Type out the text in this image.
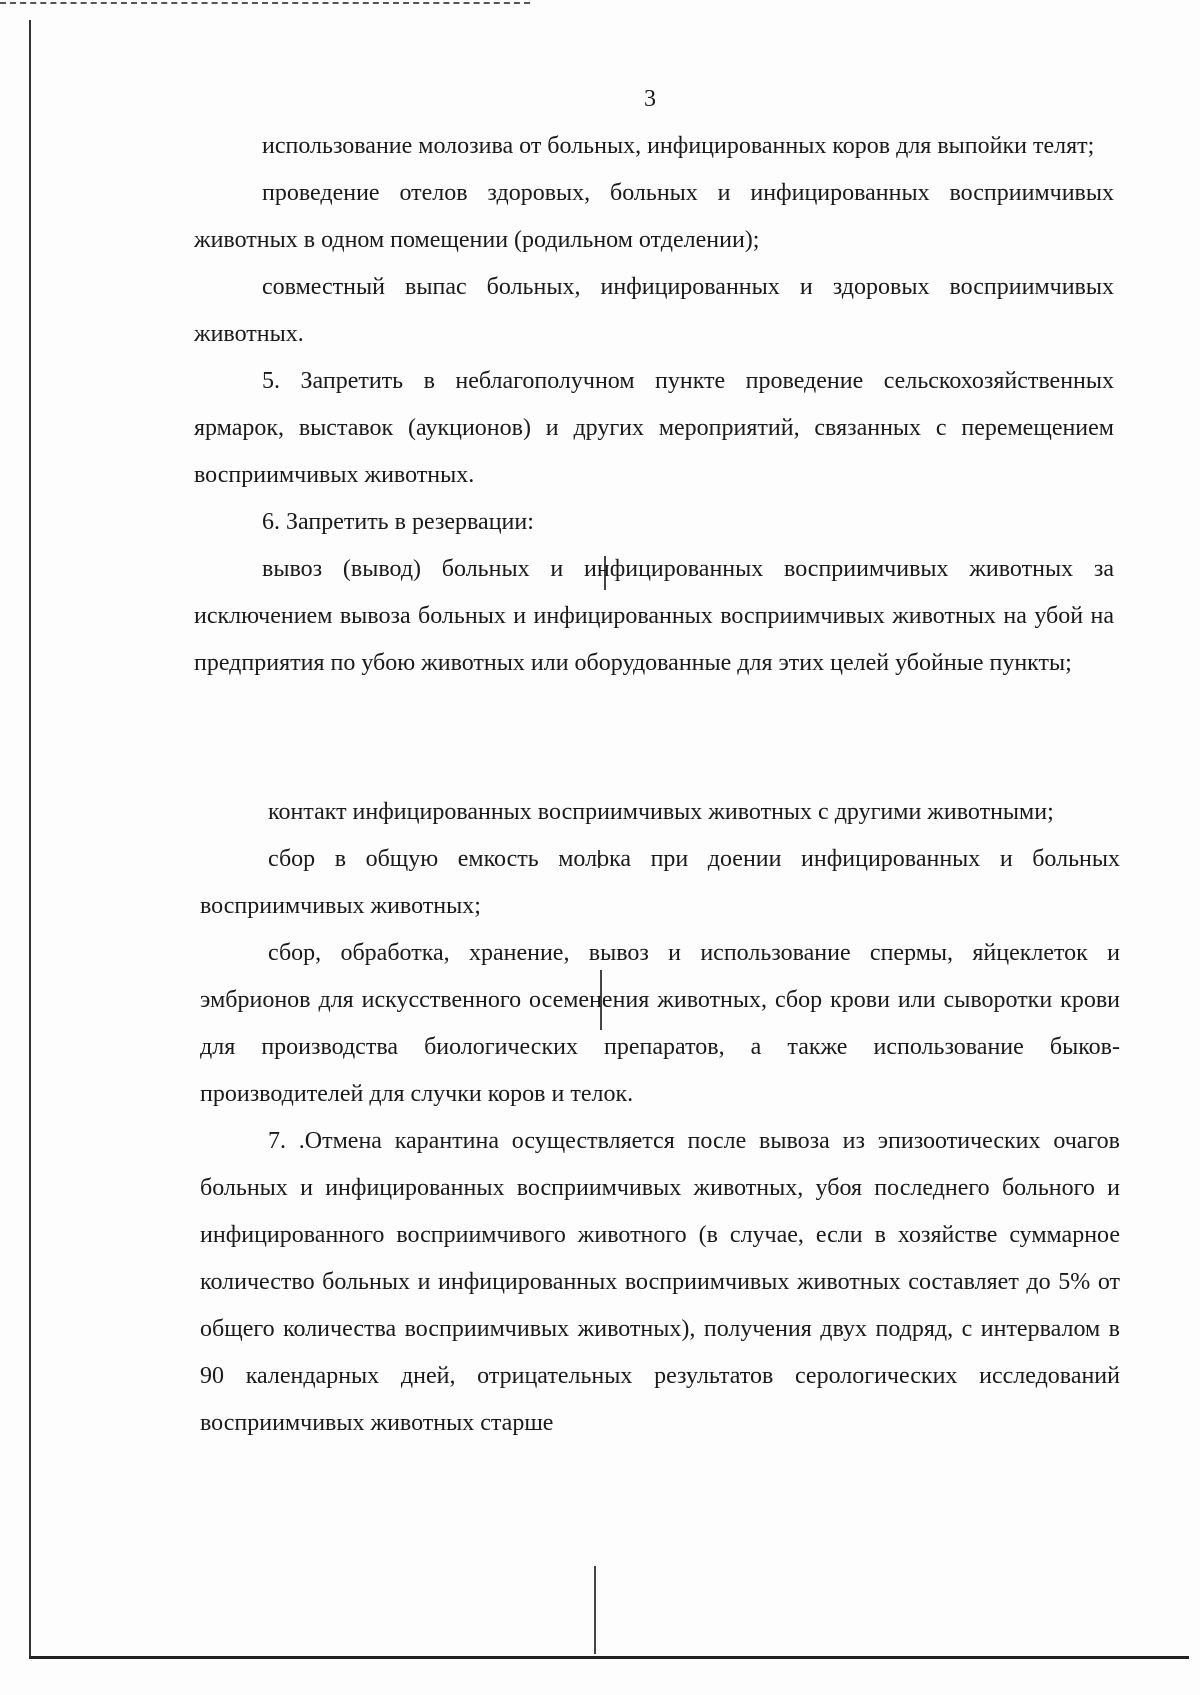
3

использование молозива от больных, инфицированных коров для выпойки телят;

проведение отелов здоровых, больных и инфицированных восприимчивых животных в одном помещении (родильном отделении);

совместный выпас больных, инфицированных и здоровых восприимчивых животных.

5. Запретить в неблагополучном пункте проведение сельскохозяйственных ярмарок, выставок (аукционов) и других мероприятий, связанных с перемещением восприимчивых животных.

6. Запретить в резервации:

вывоз (вывод) больных и инфицированных восприимчивых животных за исключением вывоза больных и инфицированных восприимчивых животных на убой на предприятия по убою животных или оборудованные для этих целей убойные пункты;

контакт инфицированных восприимчивых животных с другими животными;

сбор в общую емкость молока при доении инфицированных и больных восприимчивых животных;

сбор, обработка, хранение, вывоз и использование спермы, яйцеклеток и эмбрионов для искусственного осеменения животных, сбор крови или сыворотки крови для производства биологических препаратов, а также использование быков-производителей для случки коров и телок.

7. .Отмена карантина осуществляется после вывоза из эпизоотических очагов больных и инфицированных восприимчивых животных, убоя последнего больного и инфицированного восприимчивого животного (в случае, если в хозяйстве суммарное количество больных и инфицированных восприимчивых животных составляет до 5% от общего количества восприимчивых животных), получения двух подряд, с интервалом в 90 календарных дней, отрицательных результатов серологических исследований восприимчивых животных старше
